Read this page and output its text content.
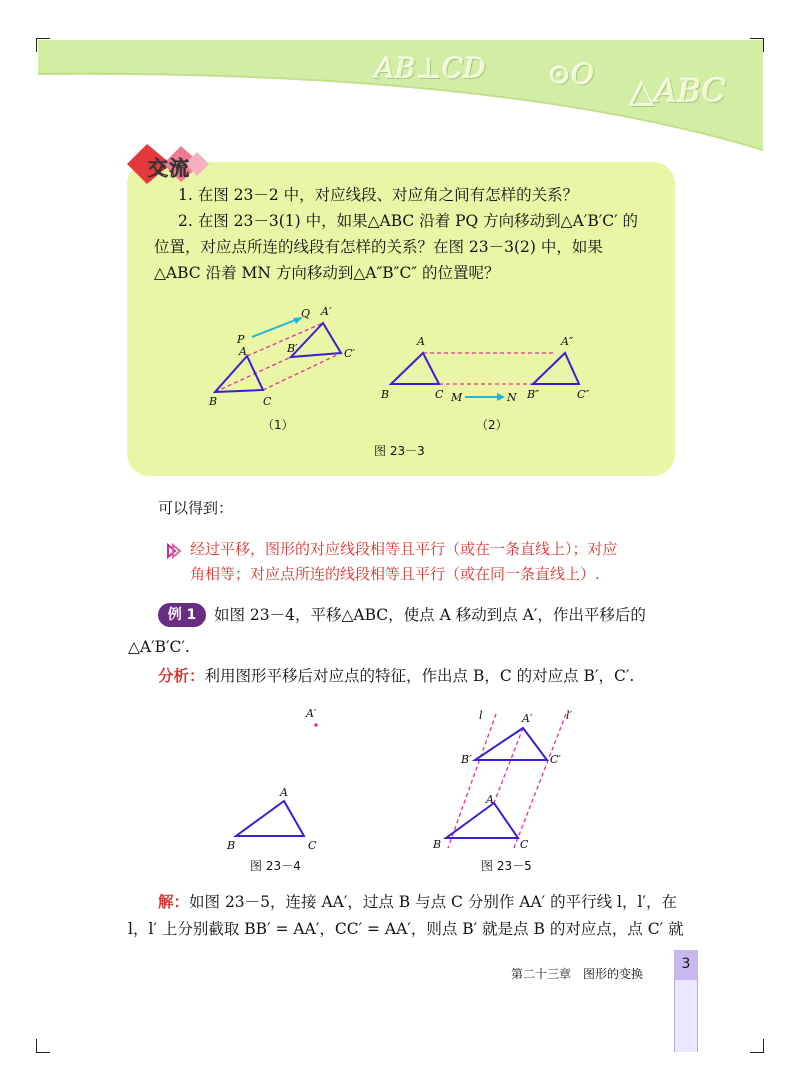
AB⊥CD ⊙O △ABC
交流
1. 在图 23－2 中，对应线段、对应角之间有怎样的关系？
2. 在图 23－3(1) 中，如果△ABC 沿着 PQ 方向移动到△A′B′C′ 的
位置，对应点所连的线段有怎样的关系？在图 23－3(2) 中，如果
△ABC 沿着 MN 方向移动到△A″B″C″ 的位置呢？
P
Q
A
B	C
A′
B′	C′
（1）
A
B	C M	N
A″
B″	C″
（2）
图 23－3
可以得到：
经过平移，图形的对应线段相等且平行（或在一条直线上）；对应
角相等；对应点所连的线段相等且平行（或在同一条直线上）.
例 1	如图 23－4，平移△ABC，使点 A 移动到点 A′，作出平移后的
△A′B′C′.
分析：利用图形平移后对应点的特征，作出点 B，C 的对应点 B′，C′.
A′
A
B	C
图 23－4
l	l′
A′
B′	C′
A
B	C
图 23－5
解：如图 23－5，连接 AA′，过点 B 与点 C 分别作 AA′ 的平行线 l，l′，在
l，l′ 上分别截取 BB′ = AA′，CC′ = AA′，则点 B′ 就是点 B 的对应点，点 C′ 就
第二十三章　图形的变换
3
